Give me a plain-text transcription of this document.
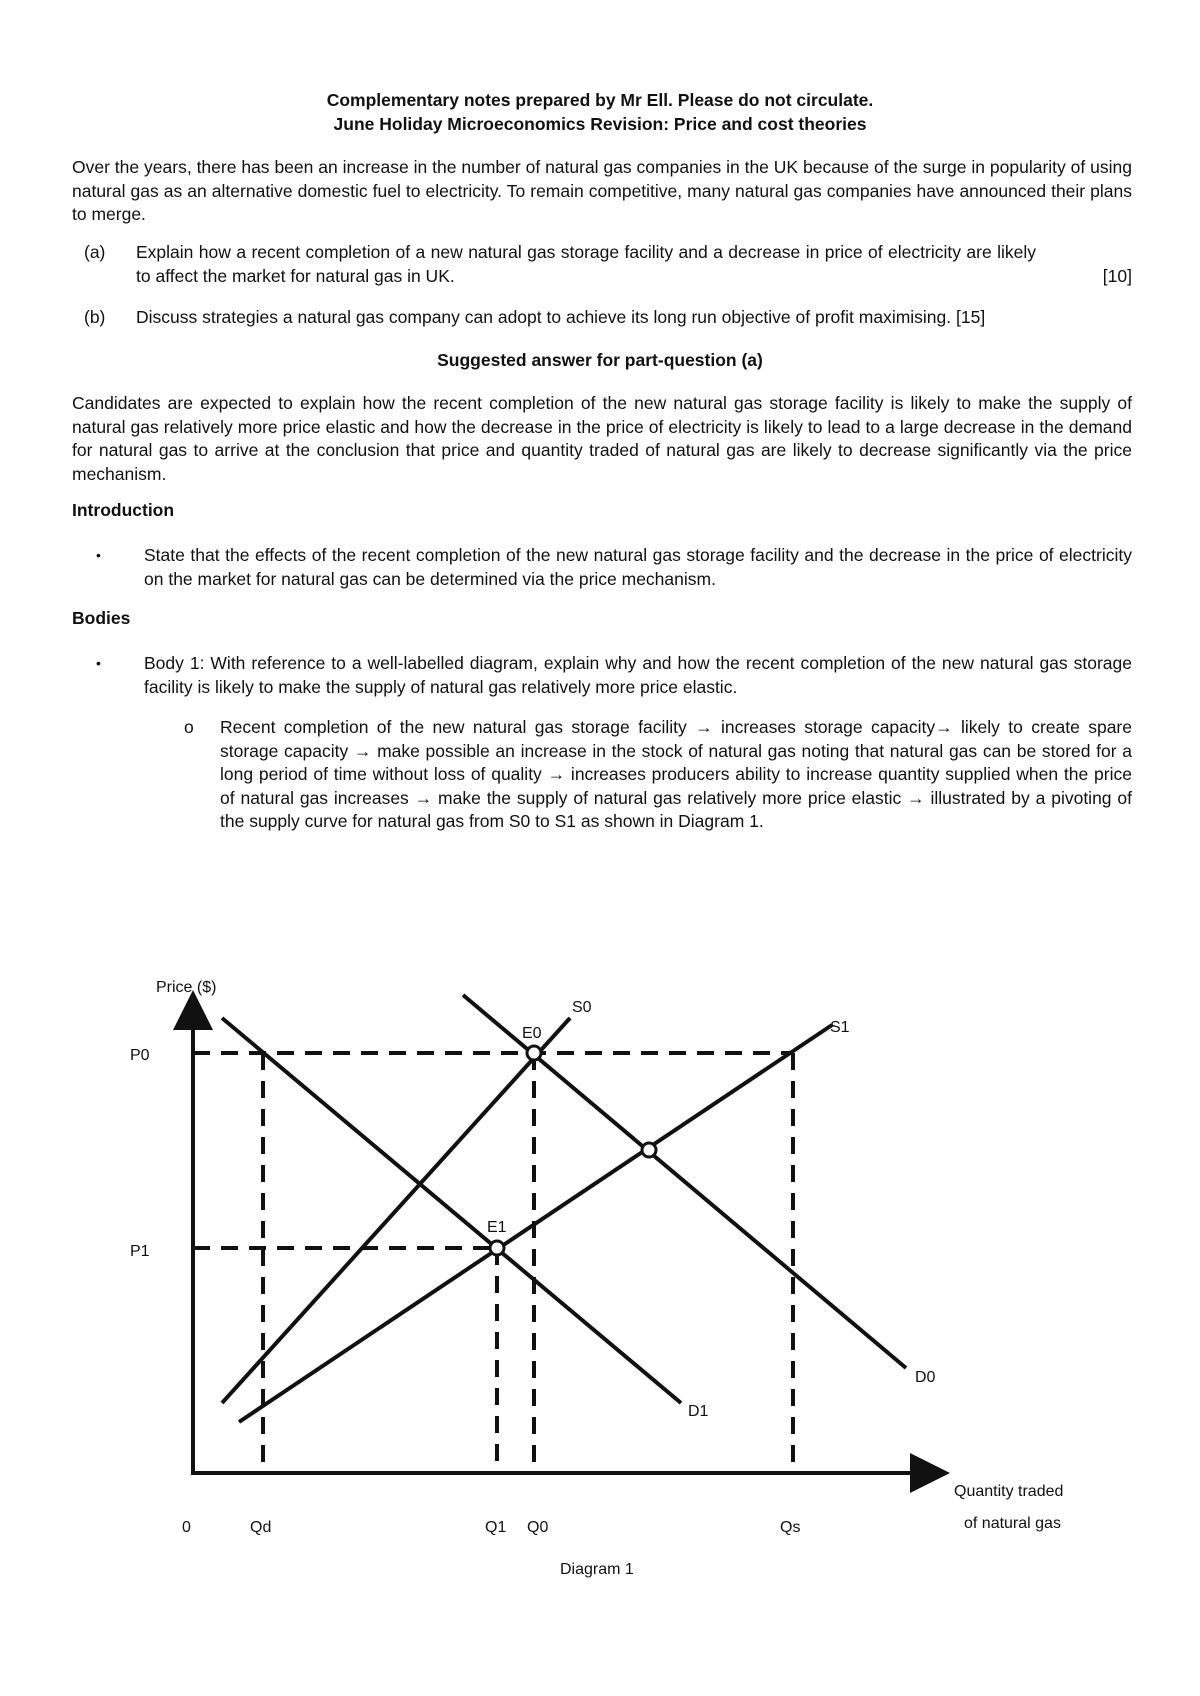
Complementary notes prepared by Mr Ell. Please do not circulate.
June Holiday Microeconomics Revision: Price and cost theories
Over the years, there has been an increase in the number of natural gas companies in the UK because of the surge in popularity of using natural gas as an alternative domestic fuel to electricity. To remain competitive, many natural gas companies have announced their plans to merge.
(a) Explain how a recent completion of a new natural gas storage facility and a decrease in price of electricity are likely to affect the market for natural gas in UK.	[10]
(b) Discuss strategies a natural gas company can adopt to achieve its long run objective of profit maximising. [15]
Suggested answer for part-question (a)
Candidates are expected to explain how the recent completion of the new natural gas storage facility is likely to make the supply of natural gas relatively more price elastic and how the decrease in the price of electricity is likely to lead to a large decrease in the demand for natural gas to arrive at the conclusion that price and quantity traded of natural gas are likely to decrease significantly via the price mechanism.
Introduction
• State that the effects of the recent completion of the new natural gas storage facility and the decrease in the price of electricity on the market for natural gas can be determined via the price mechanism.
Bodies
• Body 1: With reference to a well-labelled diagram, explain why and how the recent completion of the new natural gas storage facility is likely to make the supply of natural gas relatively more price elastic.
o Recent completion of the new natural gas storage facility → increases storage capacity→ likely to create spare storage capacity → make possible an increase in the stock of natural gas noting that natural gas can be stored for a long period of time without loss of quality → increases producers ability to increase quantity supplied when the price of natural gas increases → make the supply of natural gas relatively more price elastic → illustrated by a pivoting of the supply curve for natural gas from S0 to S1 as shown in Diagram 1.
Price ($)
P0
P1
0	Qd	Q1 Q0	Qs
Quantity traded
of natural gas
S0
S1
D0
D1
E0
E1
Diagram 1
